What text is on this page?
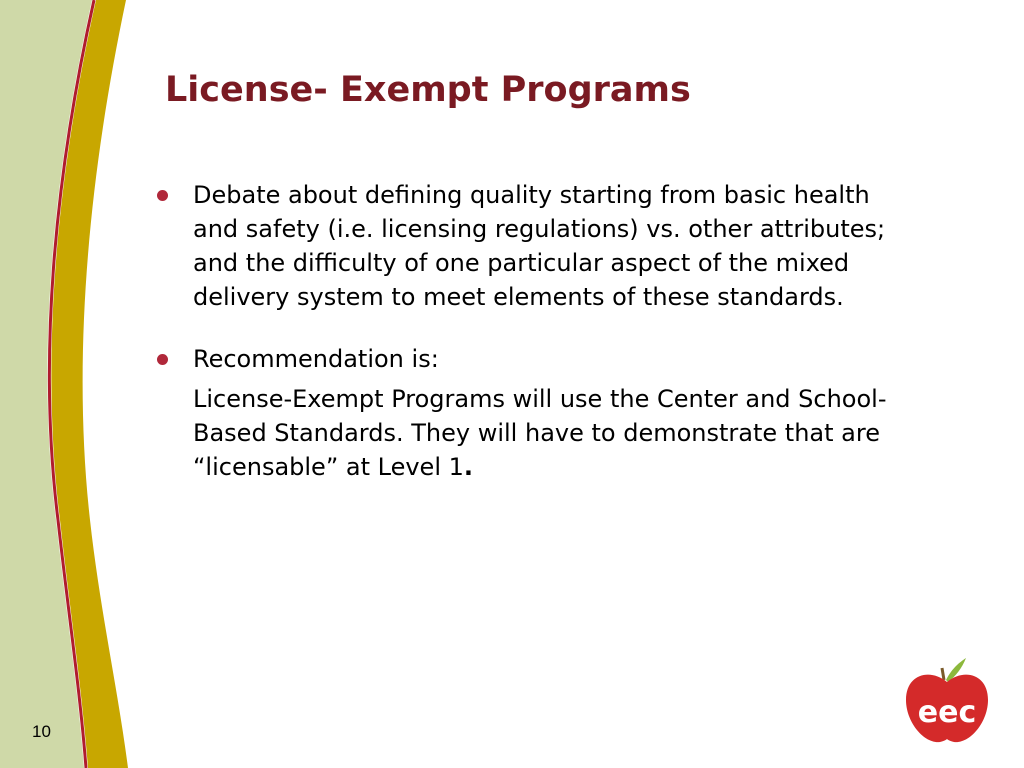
License- Exempt Programs
Debate about defining quality starting from basic health and safety (i.e. licensing regulations) vs. other attributes; and the difficulty of one particular aspect of the mixed delivery system to meet elements of these standards.
Recommendation is:

License-Exempt Programs will use the Center and School-Based Standards. They will have to demonstrate that are “licensable” at Level 1.

10
eec
